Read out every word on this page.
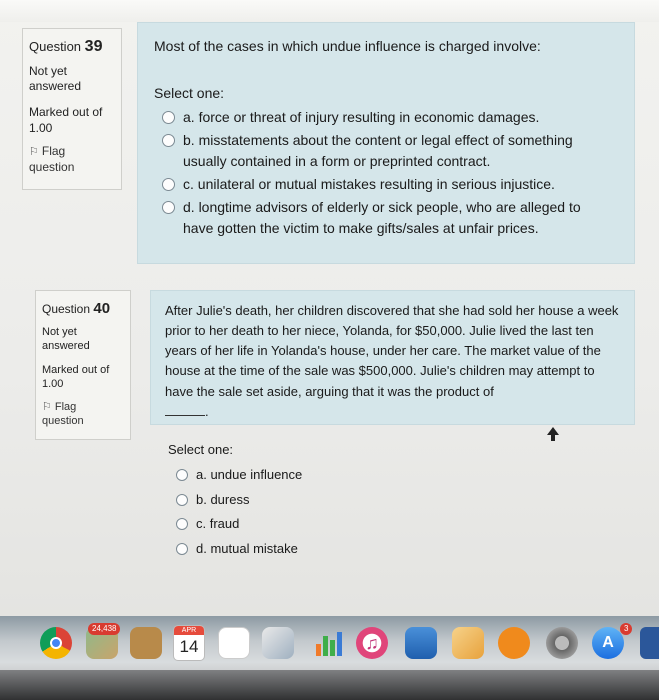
Question 39
Not yet
answered
Marked out of
1.00
⚐ Flag
question
Most of the cases in which undue influence is charged involve:
Select one:
a. force or threat of injury resulting in economic damages.
b. misstatements about the content or legal effect of something usually contained in a form or preprinted contract.
c. unilateral or mutual mistakes resulting in serious injustice.
d. longtime advisors of elderly or sick people, who are alleged to have gotten the victim to make gifts/sales at unfair prices.
Question 40
Not yet
answered
Marked out of
1.00
⚐ Flag
question
After Julie's death, her children discovered that she had sold her house a week prior to her death to her niece, Yolanda, for $50,000. Julie lived the last ten years of her life in Yolanda's house, under her care. The market value of the house at the time of the sale was $500,000. Julie's children may attempt to have the sale set aside, arguing that it was the product of
.
Select one:
a. undue influence
b. duress
c. fraud
d. mutual mistake
24,438	APR
14	♫	A
3
